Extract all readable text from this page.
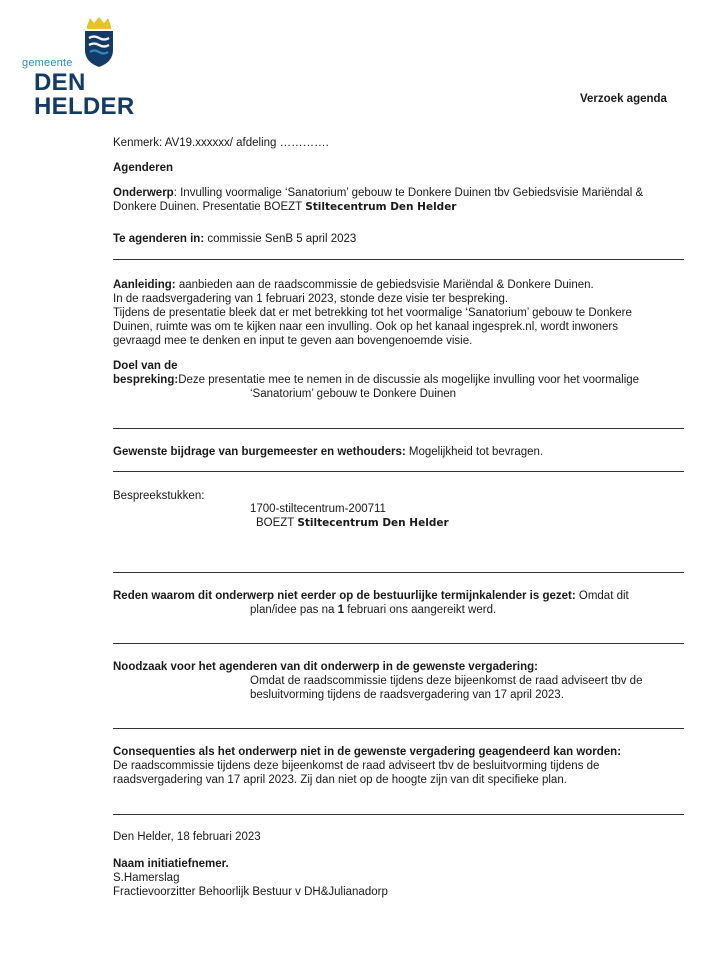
gemeente
DEN HELDER	Verzoek agenda
Kenmerk: AV19.xxxxxx/ afdeling ………….
Agenderen

Onderwerp: Invulling voormalige ‘Sanatorium’ gebouw te Donkere Duinen tbv Gebiedsvisie Mariëndal &

Donkere Duinen. Presentatie BOEZT Stiltecentrum Den Helder

Te agenderen in: commissie SenB 5 april 2023

Aanleiding: aanbieden aan de raadscommissie de gebiedsvisie Mariëndal & Donkere Duinen.

In de raadsvergadering van 1 februari 2023, stonde deze visie ter bespreking.

Tijdens de presentatie bleek dat er met betrekking tot het voormalige ‘Sanatorium’ gebouw te Donkere

Duinen, ruimte was om te kijken naar een invulling. Ook op het kanaal ingesprek.nl, wordt inwoners

gevraagd mee te denken en input te geven aan bovengenoemde visie.

Doel van de
bespreking:Deze presentatie mee te nemen in de discussie als mogelijke invulling voor het voormalige
‘Sanatorium’ gebouw te Donkere Duinen
Gewenste bijdrage van burgemeester en wethouders: Mogelijkheid tot bevragen.
Bespreekstukken:
1700-stiltecentrum-200711
BOEZT Stiltecentrum Den Helder
Reden waarom dit onderwerp niet eerder op de bestuurlijke termijnkalender is gezet: Omdat dit
plan/idee pas na 1 februari ons aangereikt werd.
Noodzaak voor het agenderen van dit onderwerp in de gewenste vergadering:
Omdat de raadscommissie tijdens deze bijeenkomst de raad adviseert tbv de
besluitvorming tijdens de raadsvergadering van 17 april 2023.

Consequenties als het onderwerp niet in de gewenste vergadering geagendeerd kan worden:

De raadscommissie tijdens deze bijeenkomst de raad adviseert tbv de besluitvorming tijdens de

raadsvergadering van 17 april 2023. Zij dan niet op de hoogte zijn van dit specifieke plan.

Den Helder, 18 februari 2023

Naam initiatiefnemer.

S.Hamerslag

Fractievoorzitter Behoorlijk Bestuur v DH&Julianadorp
